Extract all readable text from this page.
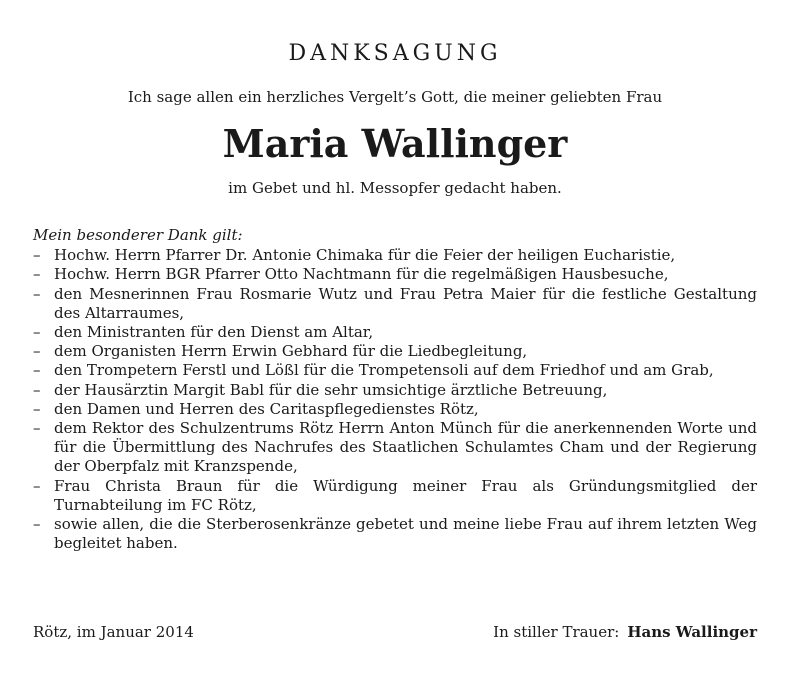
DANKSAGUNG
Ich sage allen ein herzliches Vergelt’s Gott, die meiner geliebten Frau
Maria Wallinger
im Gebet und hl. Messopfer gedacht haben.
Mein besonderer Dank gilt:
– Hochw. Herrn Pfarrer Dr. Antonie Chimaka für die Feier der heiligen Eucharistie,
– Hochw. Herrn BGR Pfarrer Otto Nachtmann für die regelmäßigen Hausbesuche,
– den Mesnerinnen Frau Rosmarie Wutz und Frau Petra Maier für die festliche Gestaltung des Altarraumes,
– den Ministranten für den Dienst am Altar,
– dem Organisten Herrn Erwin Gebhard für die Liedbegleitung,
– den Trompetern Ferstl und Lößl für die Trompetensoli auf dem Friedhof und am Grab,
– der Hausärztin Margit Babl für die sehr umsichtige ärztliche Betreuung,
– den Damen und Herren des Caritaspflegedienstes Rötz,
– dem Rektor des Schulzentrums Rötz Herrn Anton Münch für die anerkennenden Worte und für die Übermittlung des Nachrufes des Staatlichen Schulamtes Cham und der Regierung der Oberpfalz mit Kranzspende,
– Frau Christa Braun für die Würdigung meiner Frau als Gründungsmitglied der Turnabteilung im FC Rötz,
– sowie allen, die die Sterberosenkränze gebetet und meine liebe Frau auf ihrem letzten Weg begleitet haben.
Rötz, im Januar 2014	In stiller Trauer: Hans Wallinger
